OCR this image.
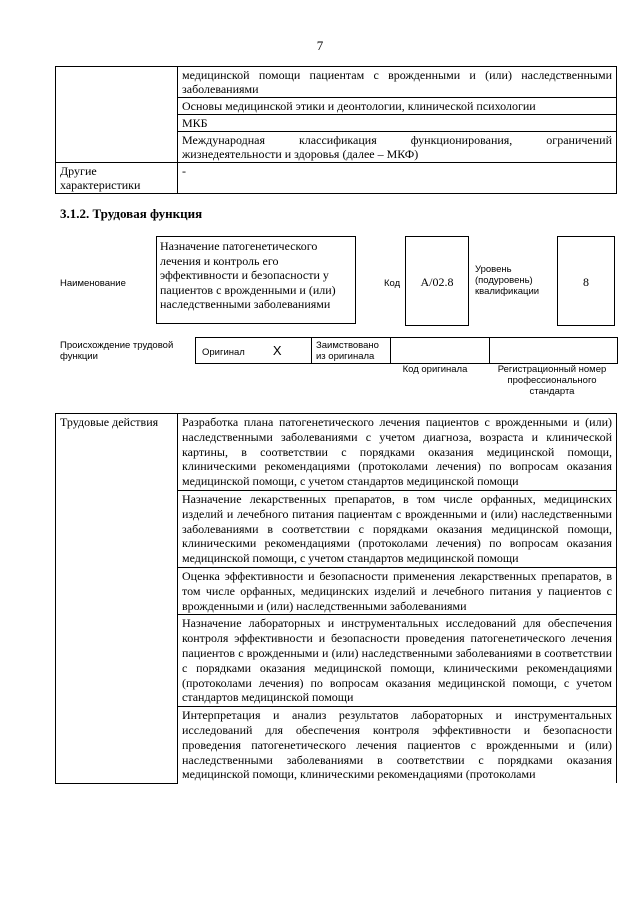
7
	медицинской помощи пациентам с врожденными и (или) наследственными заболеваниями
	Основы медицинской этики и деонтологии, клинической психологии
	МКБ
	Международная классификация функционирования, ограничений жизнедеятельности и здоровья (далее – МКФ)
Другие характеристики	-
3.1.2. Трудовая функция
Наименование
Назначение патогенетического лечения и контроль его эффективности и безопасности у пациентов с врожденными и (или) наследственными заболеваниями
Код	A/02.8
Уровень (подуровень) квалификации
8
Происхождение трудовой функции	Оригинал X	Заимствовано из оригинала		
Код оригинала	Регистрационный номер профессионального стандарта
Трудовые действия	Разработка плана патогенетического лечения пациентов с врожденными и (или) наследственными заболеваниями с учетом диагноза, возраста и клинической картины, в соответствии с порядками оказания медицинской помощи, клиническими рекомендациями (протоколами лечения) по вопросам оказания медицинской помощи, с учетом стандартов медицинской помощи
Назначение лекарственных препаратов, в том числе орфанных, медицинских изделий и лечебного питания пациентам с врожденными и (или) наследственными заболеваниями в соответствии с порядками оказания медицинской помощи, клиническими рекомендациями (протоколами лечения) по вопросам оказания медицинской помощи, с учетом стандартов медицинской помощи
Оценка эффективности и безопасности применения лекарственных препаратов, в том числе орфанных, медицинских изделий и лечебного питания у пациентов с врожденными и (или) наследственными заболеваниями
Назначение лабораторных и инструментальных исследований для обеспечения контроля эффективности и безопасности проведения патогенетического лечения пациентов с врожденными и (или) наследственными заболеваниями в соответствии с порядками оказания медицинской помощи, клиническими рекомендациями (протоколами лечения) по вопросам оказания медицинской помощи, с учетом стандартов медицинской помощи
Интерпретация и анализ результатов лабораторных и инструментальных исследований для обеспечения контроля эффективности и безопасности проведения патогенетического лечения пациентов с врожденными и (или) наследственными заболеваниями в соответствии с порядками оказания медицинской помощи, клиническими рекомендациями (протоколами
